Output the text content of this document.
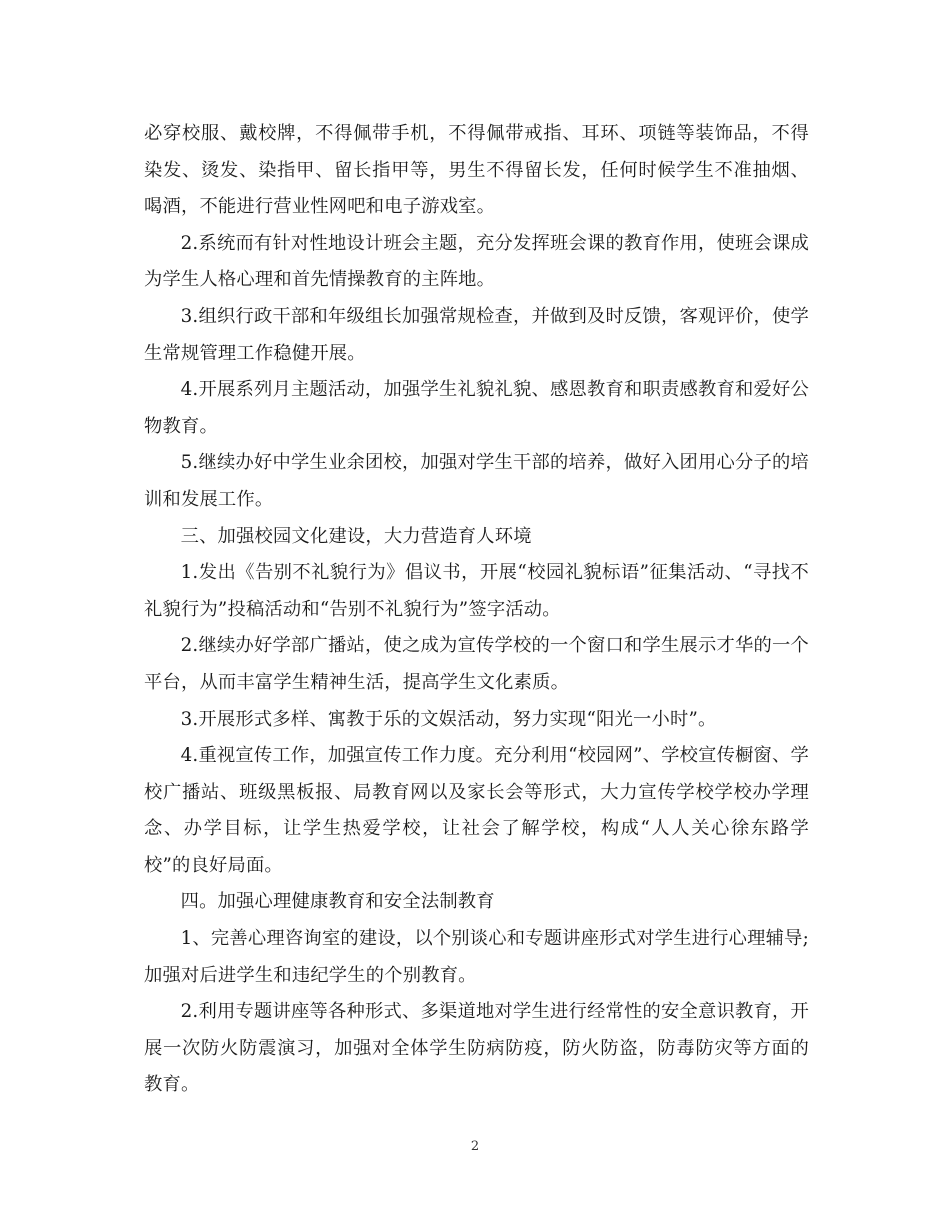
必穿校服、戴校牌，不得佩带手机，不得佩带戒指、耳环、项链等装饰品，不得染发、烫发、染指甲、留长指甲等，男生不得留长发，任何时候学生不准抽烟、喝酒，不能进行营业性网吧和电子游戏室。

2.系统而有针对性地设计班会主题，充分发挥班会课的教育作用，使班会课成为学生人格心理和首先情操教育的主阵地。

3.组织行政干部和年级组长加强常规检查，并做到及时反馈，客观评价，使学生常规管理工作稳健开展。

4.开展系列月主题活动，加强学生礼貌礼貌、感恩教育和职责感教育和爱好公物教育。

5.继续办好中学生业余团校，加强对学生干部的培养，做好入团用心分子的培训和发展工作。

三、加强校园文化建设，大力营造育人环境

1.发出《告别不礼貌行为》倡议书，开展“校园礼貌标语”征集活动、“寻找不礼貌行为”投稿活动和“告别不礼貌行为”签字活动。

2.继续办好学部广播站，使之成为宣传学校的一个窗口和学生展示才华的一个平台，从而丰富学生精神生活，提高学生文化素质。

3.开展形式多样、寓教于乐的文娱活动，努力实现“阳光一小时”。

4.重视宣传工作，加强宣传工作力度。充分利用“校园网”、学校宣传橱窗、学校广播站、班级黑板报、局教育网以及家长会等形式，大力宣传学校学校办学理念、办学目标，让学生热爱学校，让社会了解学校，构成“人人关心徐东路学校”的良好局面。

四。加强心理健康教育和安全法制教育

1、完善心理咨询室的建设，以个别谈心和专题讲座形式对学生进行心理辅导;加强对后进学生和违纪学生的个别教育。

2.利用专题讲座等各种形式、多渠道地对学生进行经常性的安全意识教育，开展一次防火防震演习，加强对全体学生防病防疫，防火防盗，防毒防灾等方面的教育。

2
